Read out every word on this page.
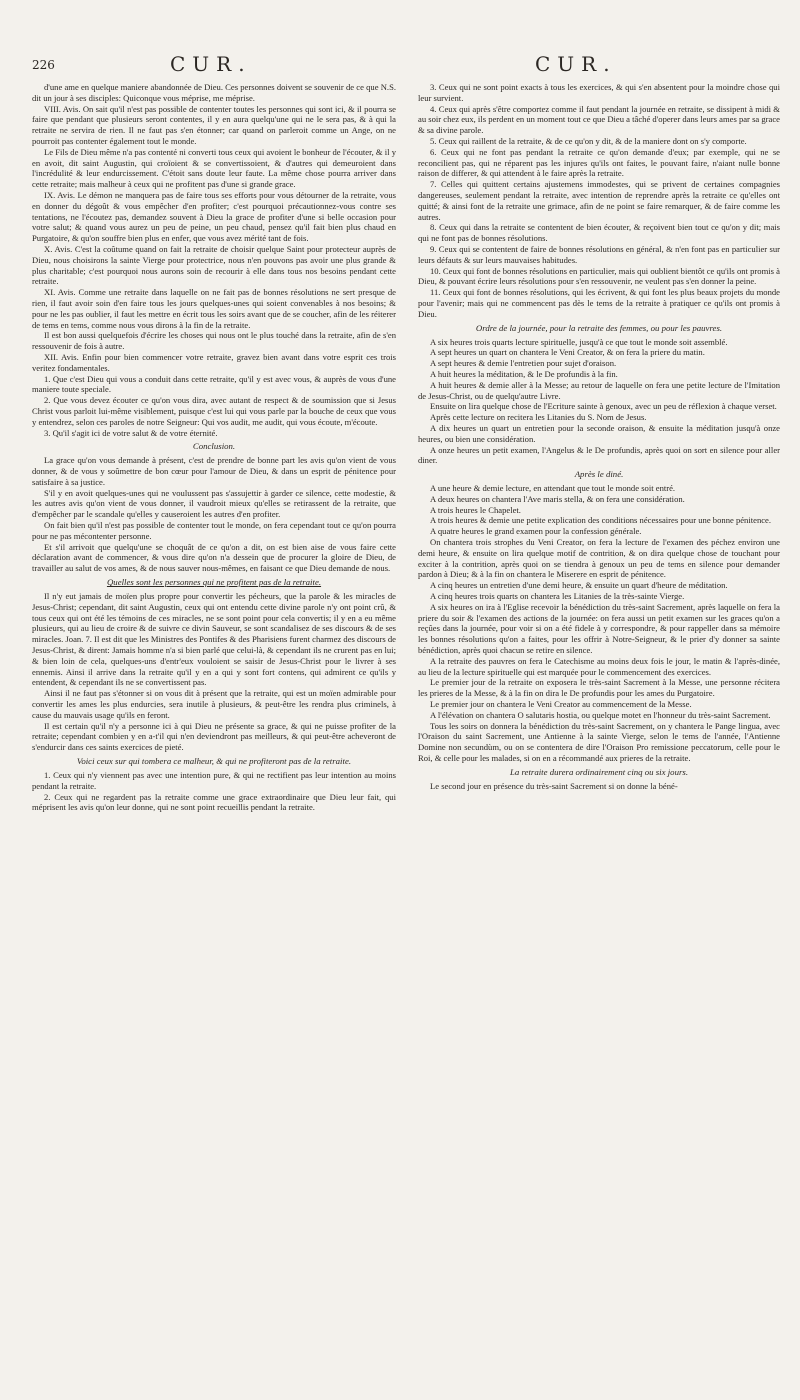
226	CUR.	CUR.

d'une ame en quelque maniere abandonnée de Dieu. Ces personnes doivent se souvenir de ce que N.S. dit un jour à ses disciples: Quiconque vous méprise, me méprise.

VIII. Avis. On sait qu'il n'est pas possible de contenter toutes les personnes qui sont ici, & il pourra se faire que pendant que plusieurs seront contentes, il y en aura quelqu'une qui ne le sera pas, & à qui la retraite ne servira de rien. Il ne faut pas s'en étonner; car quand on parleroit comme un Ange, on ne pourroit pas contenter également tout le monde.

Le Fils de Dieu même n'a pas contenté ni converti tous ceux qui avoient le bonheur de l'écouter, & il y en avoit, dit saint Augustin, qui croïoient & se convertissoient, & d'autres qui demeuroient dans l'incrédulité & leur endurcissement. C'étoit sans doute leur faute. La même chose pourra arriver dans cette retraite; mais malheur à ceux qui ne profitent pas d'une si grande grace.

IX. Avis. Le démon ne manquera pas de faire tous ses efforts pour vous détourner de la retraite, vous en donner du dégoût & vous empêcher d'en profiter; c'est pourquoi précautionnez-vous contre ses tentations, ne l'écoutez pas, demandez souvent à Dieu la grace de profiter d'une si belle occasion pour votre salut; & quand vous aurez un peu de peine, un peu chaud, pensez qu'il fait bien plus chaud en Purgatoire, & qu'on souffre bien plus en enfer, que vous avez mérité tant de fois.

X. Avis. C'est la coûtume quand on fait la retraite de choisir quelque Saint pour protecteur auprès de Dieu, nous choisirons la sainte Vierge pour protectrice, nous n'en pouvons pas avoir une plus grande & plus charitable; c'est pourquoi nous aurons soin de recourir à elle dans tous nos besoins pendant cette retraite.

XI. Avis. Comme une retraite dans laquelle on ne fait pas de bonnes résolutions ne sert presque de rien, il faut avoir soin d'en faire tous les jours quelques-unes qui soient convenables à nos besoins; & pour ne les pas oublier, il faut les mettre en écrit tous les soirs avant que de se coucher, afin de les réiterer de tems en tems, comme nous vous dirons à la fin de la retraite.

Il est bon aussi quelquefois d'écrire les choses qui nous ont le plus touché dans la retraite, afin de s'en ressouvenir de fois à autre.

XII. Avis. Enfin pour bien commencer votre retraite, gravez bien avant dans votre esprit ces trois veritez fondamentales.

1. Que c'est Dieu qui vous a conduit dans cette retraite, qu'il y est avec vous, & auprès de vous d'une maniere toute speciale.

2. Que vous devez écouter ce qu'on vous dira, avec autant de respect & de soumission que si Jesus Christ vous parloit lui-même visiblement, puisque c'est lui qui vous parle par la bouche de ceux que vous y entendrez, selon ces paroles de notre Seigneur: Qui vos audit, me audit, qui vous écoute, m'écoute.

3. Qu'il s'agit ici de votre salut & de votre éternité.

Conclusion.

La grace qu'on vous demande à présent, c'est de prendre de bonne part les avis qu'on vient de vous donner, & de vous y soûmettre de bon cœur pour l'amour de Dieu, & dans un esprit de pénitence pour satisfaire à sa justice.

S'il y en avoit quelques-unes qui ne voulussent pas s'assujettir à garder ce silence, cette modestie, & les autres avis qu'on vient de vous donner, il vaudroit mieux qu'elles se retirassent de la retraite, que d'empêcher par le scandale qu'elles y causeroient les autres d'en profiter.

On fait bien qu'il n'est pas possible de contenter tout le monde, on fera cependant tout ce qu'on pourra pour ne pas mécontenter personne.

Et s'il arrivoit que quelqu'une se choquât de ce qu'on a dit, on est bien aise de vous faire cette déclaration avant de commencer, & vous dire qu'on n'a dessein que de procurer la gloire de Dieu, de travailler au salut de vos ames, & de nous sauver nous-mêmes, en faisant ce que Dieu demande de nous.

Quelles sont les personnes qui ne profitent pas de la retraite.

Il n'y eut jamais de moïen plus propre pour convertir les pécheurs, que la parole & les miracles de Jesus-Christ; cependant, dit saint Augustin, ceux qui ont entendu cette divine parole n'y ont point crû, & tous ceux qui ont été les témoins de ces miracles, ne se sont point pour cela convertis; il y en a eu même plusieurs, qui au lieu de croire & de suivre ce divin Sauveur, se sont scandalisez de ses discours & de ses miracles. Joan. 7. Il est dit que les Ministres des Pontifes & des Pharisiens furent charmez des discours de Jesus-Christ, & dirent: Jamais homme n'a si bien parlé que celui-là, & cependant ils ne crurent pas en lui; & bien loin de cela, quelques-uns d'entr'eux vouloient se saisir de Jesus-Christ pour le livrer à ses ennemis. Ainsi il arrive dans la retraite qu'il y en a qui y sont fort contens, qui admirent ce qu'ils y entendent, & cependant ils ne se convertissent pas.

Ainsi il ne faut pas s'étonner si on vous dit à présent que la retraite, qui est un moïen admirable pour convertir les ames les plus endurcies, sera inutile à plusieurs, & peut-être les rendra plus criminels, à cause du mauvais usage qu'ils en feront.

Il est certain qu'il n'y a personne ici à qui Dieu ne présente sa grace, & qui ne puisse profiter de la retraite; cependant combien y en a-t'il qui n'en deviendront pas meilleurs, & qui peut-être acheveront de s'endurcir dans ces saints exercices de pieté.

Voici ceux sur qui tombera ce malheur, & qui ne profiteront pas de la retraite.

1. Ceux qui n'y viennent pas avec une intention pure, & qui ne rectifient pas leur intention au moins pendant la retraite.

2. Ceux qui ne regardent pas la retraite comme une grace extraordinaire que Dieu leur fait, qui méprisent les avis qu'on leur donne, qui ne sont point recueillis pendant la retraite.

3. Ceux qui ne sont point exacts à tous les exercices, & qui s'en absentent pour la moindre chose qui leur survient.

4. Ceux qui après s'être comportez comme il faut pendant la journée en retraite, se dissipent à midi & au soir chez eux, ils perdent en un moment tout ce que Dieu a tâché d'operer dans leurs ames par sa grace & sa divine parole.

5. Ceux qui raillent de la retraite, & de ce qu'on y dit, & de la maniere dont on s'y comporte.

6. Ceux qui ne font pas pendant la retraite ce qu'on demande d'eux; par exemple, qui ne se reconcilient pas, qui ne réparent pas les injures qu'ils ont faites, le pouvant faire, n'aiant nulle bonne raison de differer, & qui attendent à le faire après la retraite.

7. Celles qui quittent certains ajustemens immodestes, qui se privent de certaines compagnies dangereuses, seulement pendant la retraite, avec intention de reprendre après la retraite ce qu'elles ont quitté; & ainsi font de la retraite une grimace, afin de ne point se faire remarquer, & de faire comme les autres.

8. Ceux qui dans la retraite se contentent de bien écouter, & reçoivent bien tout ce qu'on y dit; mais qui ne font pas de bonnes résolutions.

9. Ceux qui se contentent de faire de bonnes résolutions en général, & n'en font pas en particulier sur leurs défauts & sur leurs mauvaises habitudes.

10. Ceux qui font de bonnes résolutions en particulier, mais qui oublient bientôt ce qu'ils ont promis à Dieu, & pouvant écrire leurs résolutions pour s'en ressouvenir, ne veulent pas s'en donner la peine.

11. Ceux qui font de bonnes résolutions, qui les écrivent, & qui font les plus beaux projets du monde pour l'avenir; mais qui ne commencent pas dès le tems de la retraite à pratiquer ce qu'ils ont promis à Dieu.

Ordre de la journée, pour la retraite des femmes, ou pour les pauvres.

A six heures trois quarts lecture spirituelle, jusqu'à ce que tout le monde soit assemblé.

A sept heures un quart on chantera le Veni Creator, & on fera la priere du matin.

A sept heures & demie l'entretien pour sujet d'oraison.

A huit heures la méditation, & le De profundis à la fin.

A huit heures & demie aller à la Messe; au retour de laquelle on fera une petite lecture de l'Imitation de Jesus-Christ, ou de quelqu'autre Livre.

Ensuite on lira quelque chose de l'Ecriture sainte à genoux, avec un peu de réflexion à chaque verset.

Après cette lecture on recitera les Litanies du S. Nom de Jesus.

A dix heures un quart un entretien pour la seconde oraison, & ensuite la méditation jusqu'à onze heures, ou bien une considération.

A onze heures un petit examen, l'Angelus & le De profundis, après quoi on sort en silence pour aller diner.

Après le diné.

A une heure & demie lecture, en attendant que tout le monde soit entré.

A deux heures on chantera l'Ave maris stella, & on fera une considération.

A trois heures le Chapelet.

A trois heures & demie une petite explication des conditions nécessaires pour une bonne pénitence.

A quatre heures le grand examen pour la confession générale.

On chantera trois strophes du Veni Creator, on fera la lecture de l'examen des péchez environ une demi heure, & ensuite on lira quelque motif de contrition, & on dira quelque chose de touchant pour exciter à la contrition, après quoi on se tiendra à genoux un peu de tems en silence pour demander pardon à Dieu; & à la fin on chantera le Miserere en esprit de pénitence.

A cinq heures un entretien d'une demi heure, & ensuite un quart d'heure de méditation.

A cinq heures trois quarts on chantera les Litanies de la très-sainte Vierge.

A six heures on ira à l'Eglise recevoir la bénédiction du très-saint Sacrement, après laquelle on fera la priere du soir & l'examen des actions de la journée: on fera aussi un petit examen sur les graces qu'on a reçûes dans la journée, pour voir si on a été fidele à y correspondre, & pour rappeller dans sa mémoire les bonnes résolutions qu'on a faites, pour les offrir à Notre-Seigneur, & le prier d'y donner sa sainte bénédiction, après quoi chacun se retire en silence.

A la retraite des pauvres on fera le Catechisme au moins deux fois le jour, le matin & l'après-dinée, au lieu de la lecture spirituelle qui est marquée pour le commencement des exercices.

Le premier jour de la retraite on exposera le très-saint Sacrement à la Messe, une personne récitera les prieres de la Messe, & à la fin on dira le De profundis pour les ames du Purgatoire.

Le premier jour on chantera le Veni Creator au commencement de la Messe.

A l'élévation on chantera O salutaris hostia, ou quelque motet en l'honneur du très-saint Sacrement.

Tous les soirs on donnera la bénédiction du très-saint Sacrement, on y chantera le Pange lingua, avec l'Oraison du saint Sacrement, une Antienne à la sainte Vierge, selon le tems de l'année, l'Antienne Domine non secundùm, ou on se contentera de dire l'Oraison Pro remissione peccatorum, celle pour le Roi, & celle pour les malades, si on en a récommandé aux prieres de la retraite.

La retraite durera ordinairement cinq ou six jours.

Le second jour en présence du très-saint Sacrement si on donne la béné-
